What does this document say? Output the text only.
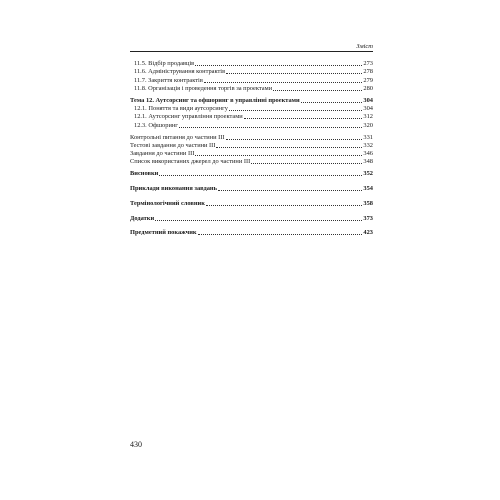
Зміст
11.5. Відбір продавців	273
11.6. Адміністрування контрактів	278
11.7. Закриття контрактів	279
11.8. Організація і проведення торгів за проектами	280
Тема 12. Аутсорсинг та офшоринг в управлінні проектами	304
12.1. Поняття та види аутсорсингу	304
12.1. Аутсорсинг управління проектами	312
12.3. Офшоринг	320
Контрольні питання до частини III	331
Тестові завдання до частини III	332
Завдання до частини III	346
Список використаних джерел до частини III	348
Висновки	352
Приклади виконання завдань	354
Термінологічний словник	358
Додатки	373
Предметний покажчик	423
430
